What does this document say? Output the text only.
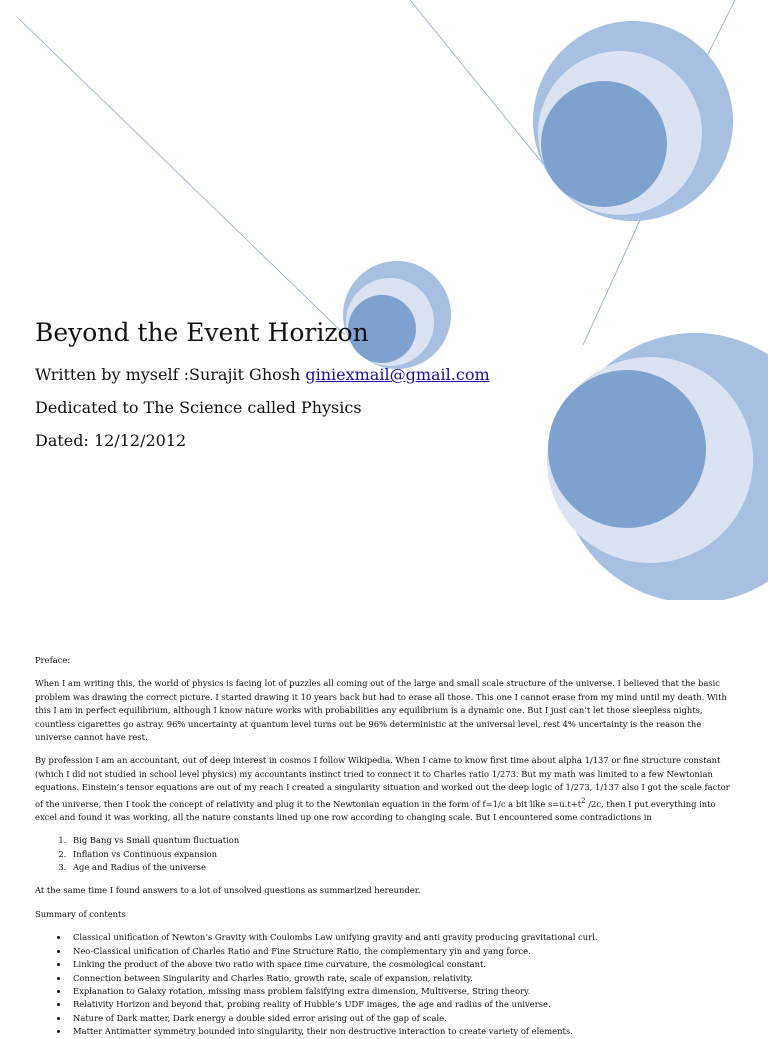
Beyond the Event Horizon

Written by myself :Surajit Ghosh giniexmail@gmail.com

Dedicated to The Science called Physics

Dated: 12/12/2012

Preface:

When I am writing this, the world of physics is facing lot of puzzles all coming out of the large and small scale structure of the universe. I believed that the basic problem was drawing the correct picture. I started drawing it 10 years back but had to erase all those. This one I cannot erase from my mind until my death. With this I am in perfect equilibrium, although I know nature works with probabilities any equilibrium is a dynamic one. But I just can’t let those sleepless nights, countless cigarettes go astray. 96% uncertainty at quantum level turns out be 96% deterministic at the universal level, rest 4% uncertainty is the reason the universe cannot have rest.

By profession I am an accountant, out of deep interest in cosmos I follow Wikipedia. When I came to know first time about alpha 1/137 or fine structure constant (which I did not studied in school level physics) my accountants instinct tried to connect it to Charles ratio 1/273. But my math was limited to a few Newtonian equations. Einstein’s tensor equations are out of my reach I created a singularity situation and worked out the deep logic of 1/273, 1/137 also I got the scale factor of the universe, then I took the concept of relativity and plug it to the Newtonian equation in the form of f=1/c a bit like $s=u.t+t^2$ /2c, then I put everything into excel and found it was working, all the nature constants lined up one row according to changing scale. But I encountered some contradictions in

1. Big Bang vs Small quantum fluctuation
2. Inflation vs Continuous expansion
3. Age and Radius of the universe

At the same time I found answers to a lot of unsolved questions as summarized hereunder.

Summary of contents

• Classical unification of Newton’s Gravity with Coulombs Law unifying gravity and anti gravity producing gravitational curl.
• Neo-Classical unification of Charles Ratio and Fine Structure Ratio, the complementary yin and yang force.
• Linking the product of the above two ratio with space time curvature, the cosmological constant.
• Connection between Singularity and Charles Ratio, growth rate, scale of expansion, relativity.
• Explanation to Galaxy rotation, missing mass problem falsifying extra dimension, Multiverse, String theory.
• Relativity Horizon and beyond that, probing reality of Hubble’s UDF images, the age and radius of the universe.
• Nature of Dark matter, Dark energy a double sided error arising out of the gap of scale.
• Matter Antimatter symmetry bounded into singularity, their non destructive interaction to create variety of elements.
